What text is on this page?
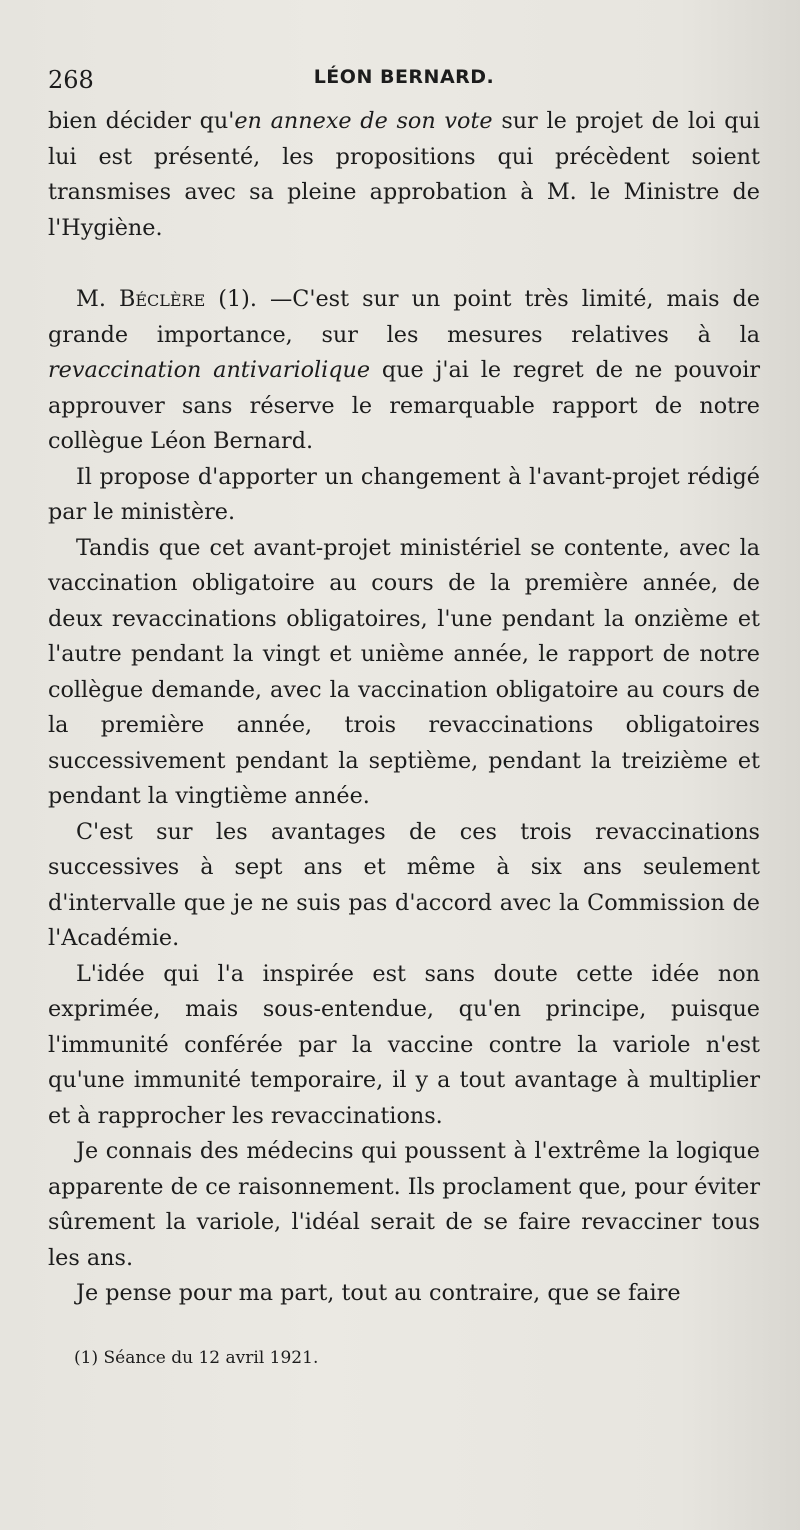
268	LÉON BERNARD.

bien décider qu'en annexe de son vote sur le projet de loi qui lui est présenté, les propositions qui précèdent soient transmises avec sa pleine approbation à M. le Ministre de l'Hygiène.

M. Béclère (1). —C'est sur un point très limité, mais de grande importance, sur les mesures relatives à la revaccination antivariolique que j'ai le regret de ne pouvoir approuver sans réserve le remarquable rapport de notre collègue Léon Bernard.

Il propose d'apporter un changement à l'avant-projet rédigé par le ministère.

Tandis que cet avant-projet ministériel se contente, avec la vaccination obligatoire au cours de la première année, de deux revaccinations obligatoires, l'une pendant la onzième et l'autre pendant la vingt et unième année, le rapport de notre collègue demande, avec la vaccination obligatoire au cours de la première année, trois revaccinations obligatoires successivement pendant la septième, pendant la treizième et pendant la vingtième année.

C'est sur les avantages de ces trois revaccinations successives à sept ans et même à six ans seulement d'intervalle que je ne suis pas d'accord avec la Commission de l'Académie.

L'idée qui l'a inspirée est sans doute cette idée non exprimée, mais sous-entendue, qu'en principe, puisque l'immunité conférée par la vaccine contre la variole n'est qu'une immunité temporaire, il y a tout avantage à multiplier et à rapprocher les revaccinations.

Je connais des médecins qui poussent à l'extrême la logique apparente de ce raisonnement. Ils proclament que, pour éviter sûrement la variole, l'idéal serait de se faire revacciner tous les ans.

Je pense pour ma part, tout au contraire, que se faire

(1) Séance du 12 avril 1921.
